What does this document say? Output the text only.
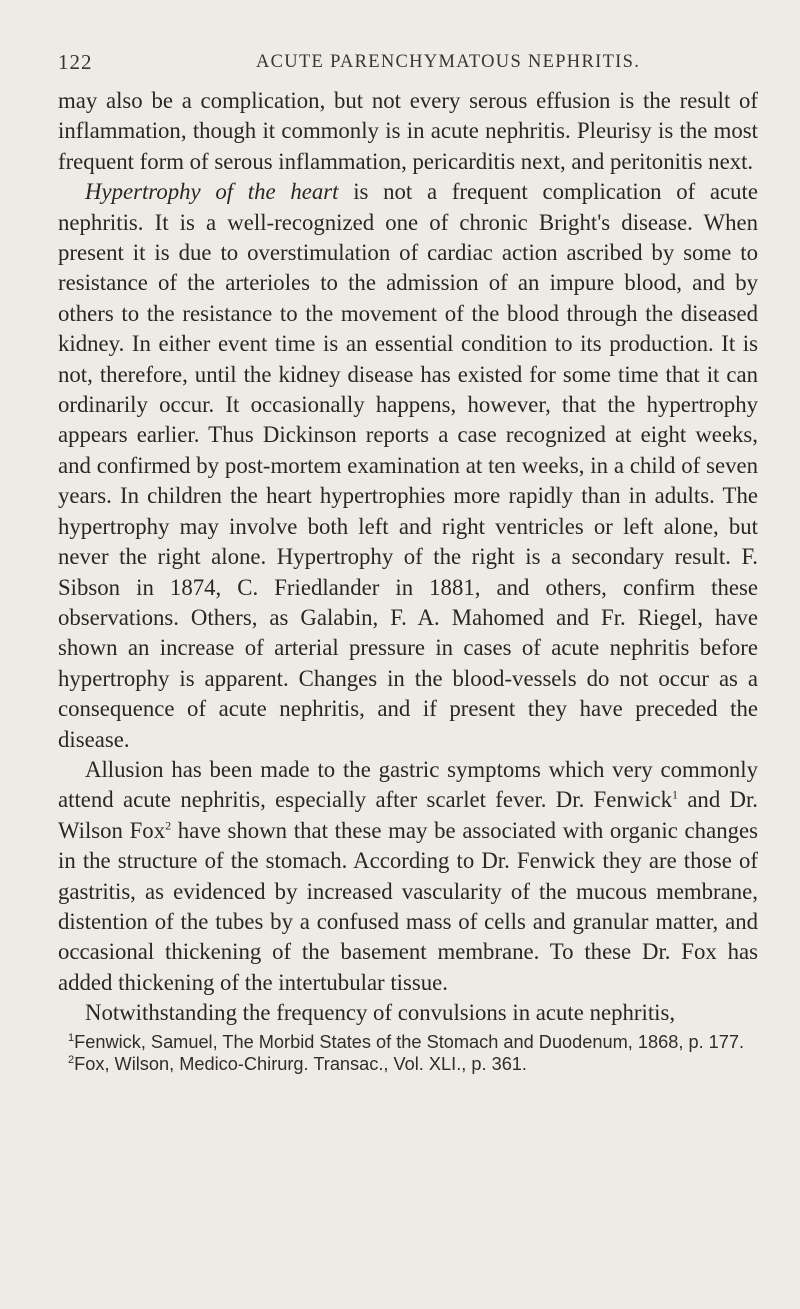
122	ACUTE PARENCHYMATOUS NEPHRITIS.

may also be a complication, but not every serous effusion is the result of inflammation, though it commonly is in acute nephritis. Pleurisy is the most frequent form of serous inflammation, pericarditis next, and peritonitis next.

Hypertrophy of the heart is not a frequent complication of acute nephritis. It is a well-recognized one of chronic Bright's disease. When present it is due to overstimulation of cardiac action ascribed by some to resistance of the arterioles to the admission of an impure blood, and by others to the resistance to the movement of the blood through the diseased kidney. In either event time is an essential condition to its production. It is not, therefore, until the kidney disease has existed for some time that it can ordinarily occur. It occasionally happens, however, that the hypertrophy appears earlier. Thus Dickinson reports a case recognized at eight weeks, and confirmed by post-mortem examination at ten weeks, in a child of seven years. In children the heart hypertrophies more rapidly than in adults. The hypertrophy may involve both left and right ventricles or left alone, but never the right alone. Hypertrophy of the right is a secondary result. F. Sibson in 1874, C. Friedlander in 1881, and others, confirm these observations. Others, as Galabin, F. A. Mahomed and Fr. Riegel, have shown an increase of arterial pressure in cases of acute nephritis before hypertrophy is apparent. Changes in the blood-vessels do not occur as a consequence of acute nephritis, and if present they have preceded the disease.

Allusion has been made to the gastric symptoms which very commonly attend acute nephritis, especially after scarlet fever. Dr. Fenwick$^1$ and Dr. Wilson Fox$^2$ have shown that these may be associated with organic changes in the structure of the stomach. According to Dr. Fenwick they are those of gastritis, as evidenced by increased vascularity of the mucous membrane, distention of the tubes by a confused mass of cells and granular matter, and occasional thickening of the basement membrane. To these Dr. Fox has added thickening of the intertubular tissue.

Notwithstanding the frequency of convulsions in acute nephritis,

$^1$Fenwick, Samuel, The Morbid States of the Stomach and Duodenum, 1868, p. 177.

$^2$Fox, Wilson, Medico-Chirurg. Transac., Vol. XLI., p. 361.
